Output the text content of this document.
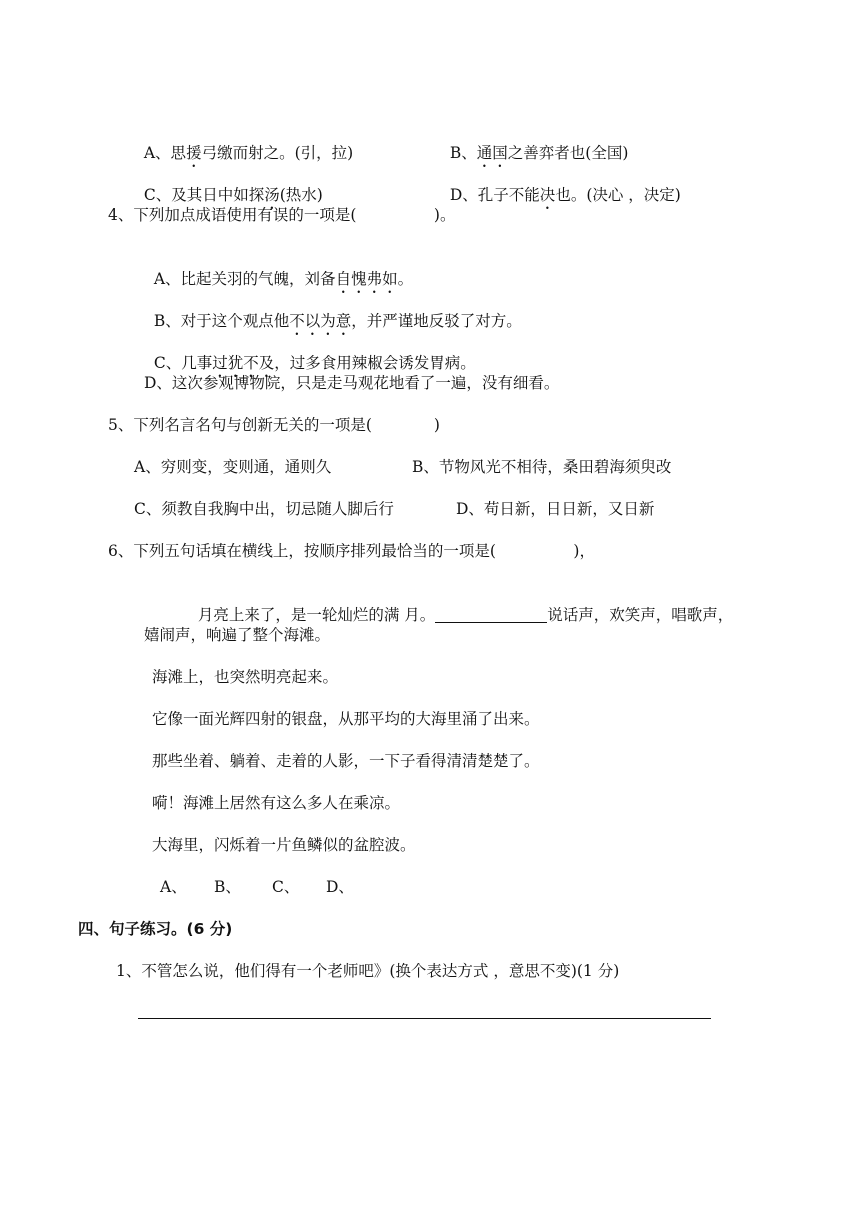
A、思援弓缴而射之。(引，拉)	B、通国之善弈者也(全国)

C、及其日中如探汤(热水)	D、孔子不能决也。(决心 ，决定)

4、下列加点成语使用有误的一项是(　　　　　)。

A、比起关羽的气魄，刘备自愧弗如。

B、对于这个观点他不以为意，并严谨地反驳了对方。

C、几事过犹不及，过多食用辣椒会诱发胃病。

D、这次参观博物院，只是走马观花地看了一遍，没有细看。
5、下列名言名句与创新无关的一项是(　　　　)
A、穷则变，变则通，通则久	B、节物风光不相待，桑田碧海须臾改
C、须教自我胸中出，切忌随人脚后行	D、苟日新，日日新，又日新
6、下列五句话填在横线上，按顺序排列最恰当的一项是(　　　　　)，

月亮上来了，是一轮灿烂的满 月。	说话声，欢笑声，唱歌声，

嬉闹声，响遍了整个海滩。
海滩上，也突然明亮起来。
它像一面光辉四射的银盘，从那平均的大海里涌了出来。
那些坐着、躺着、走着的人影，一下子看得清清楚楚了。
嗬！海滩上居然有这么多人在乘凉。
大海里，闪烁着一片鱼鳞似的盆腔波。
A、 B、 C、 D、
四、句子练习。(6 分)
1、不管怎么说，他们得有一个老师吧》(换个表达方式 ，意思不变)(1 分)
